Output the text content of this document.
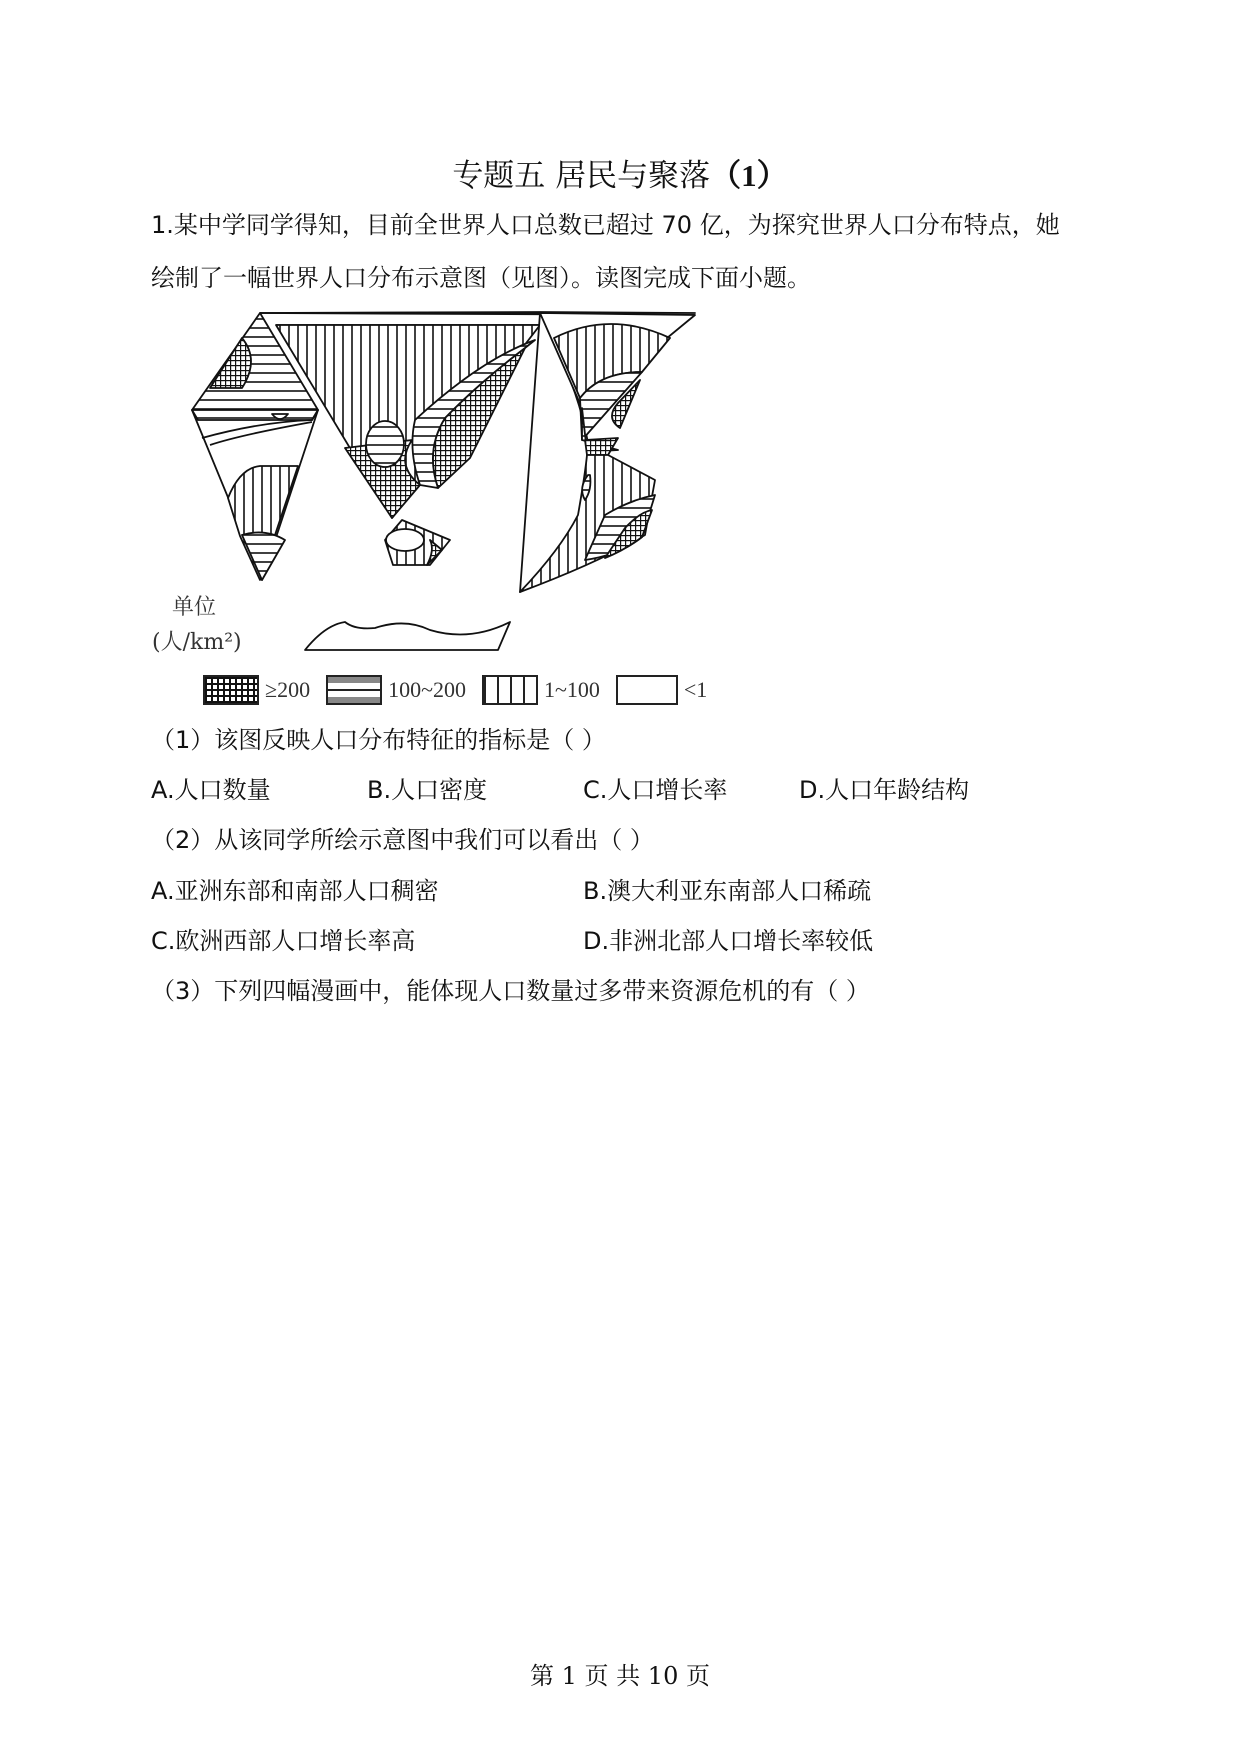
专题五 居民与聚落（1）
1.某中学同学得知，目前全世界人口总数已超过 70 亿，为探究世界人口分布特点，她
绘制了一幅世界人口分布示意图（见图）。读图完成下面小题。
单位
(人/km²)
≥200	100~200	1~100	<1
（1）该图反映人口分布特征的指标是（ ）
A.人口数量	B.人口密度	C.人口增长率	D.人口年龄结构
（2）从该同学所绘示意图中我们可以看出（ ）
A.亚洲东部和南部人口稠密	B.澳大利亚东南部人口稀疏
C.欧洲西部人口增长率高	D.非洲北部人口增长率较低
（3）下列四幅漫画中，能体现人口数量过多带来资源危机的有（ ）
第 1 页 共 10 页
